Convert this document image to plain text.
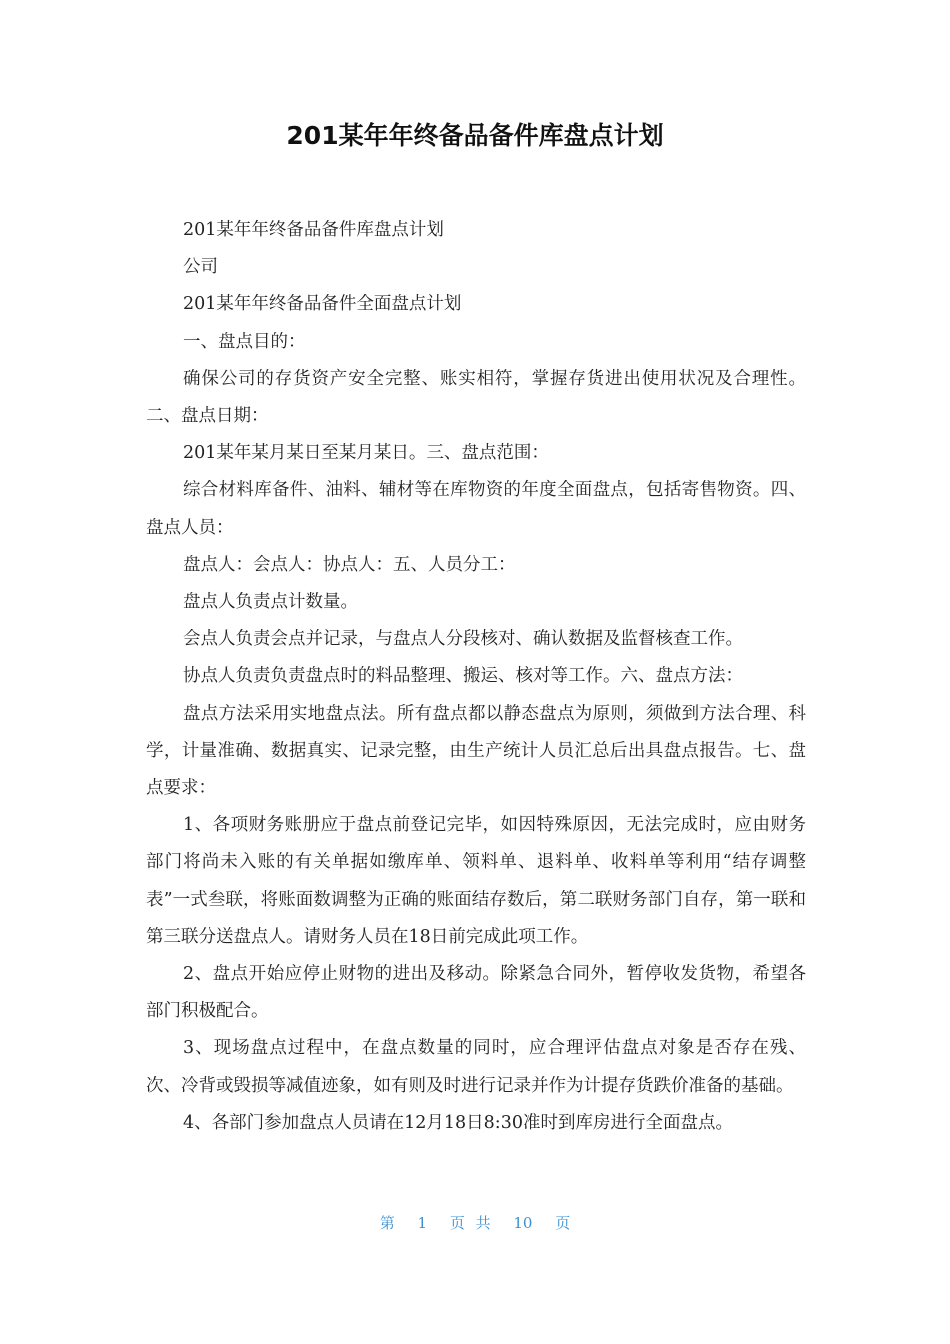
201某年年终备品备件库盘点计划

201某年年终备品备件库盘点计划

公司

201某年年终备品备件全面盘点计划

一、盘点目的：

确保公司的存货资产安全完整、账实相符，掌握存货进出使用状况及合理性。二、盘点日期：

201某年某月某日至某月某日。三、盘点范围：

综合材料库备件、油料、辅材等在库物资的年度全面盘点，包括寄售物资。四、盘点人员：

盘点人：会点人：协点人：五、人员分工：

盘点人负责点计数量。

会点人负责会点并记录，与盘点人分段核对、确认数据及监督核查工作。

协点人负责负责盘点时的料品整理、搬运、核对等工作。六、盘点方法：

盘点方法采用实地盘点法。所有盘点都以静态盘点为原则，须做到方法合理、科学，计量准确、数据真实、记录完整，由生产统计人员汇总后出具盘点报告。七、盘点要求：

1、各项财务账册应于盘点前登记完毕，如因特殊原因，无法完成时，应由财务部门将尚未入账的有关单据如缴库单、领料单、退料单、收料单等利用“结存调整表”一式叁联，将账面数调整为正确的账面结存数后，第二联财务部门自存，第一联和第三联分送盘点人。请财务人员在18日前完成此项工作。

2、盘点开始应停止财物的进出及移动。除紧急合同外，暂停收发货物，希望各部门积极配合。

3、现场盘点过程中，在盘点数量的同时，应合理评估盘点对象是否存在残、次、冷背或毁损等减值迹象，如有则及时进行记录并作为计提存货跌价准备的基础。

4、各部门参加盘点人员请在12月18日8:30准时到库房进行全面盘点。

第 1 页 共 10 页
